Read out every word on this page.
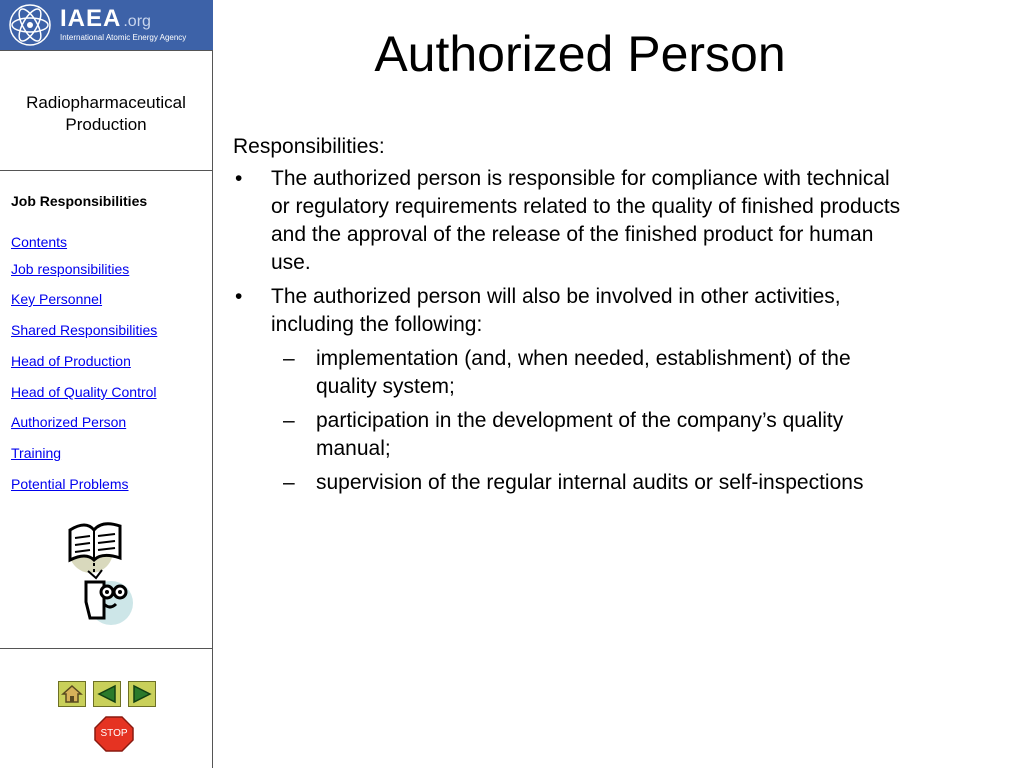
IAEA .org
International Atomic Energy Agency
Radiopharmaceutical Production
Job Responsibilities
Contents
Job responsibilities
Key Personnel
Shared Responsibilities
Head of Production
Head of Quality Control
Authorized Person
Training
Potential Problems
STOP
Authorized Person
Responsibilities:
• The authorized person is responsible for compliance with technical or regulatory requirements related to the quality of finished products and the approval of the release of the finished product for human use.
• The authorized person will also be involved in other activities, including the following:
– implementation (and, when needed, establishment) of the quality system;
– participation in the development of the company’s quality manual;
– supervision of the regular internal audits or self-inspections
